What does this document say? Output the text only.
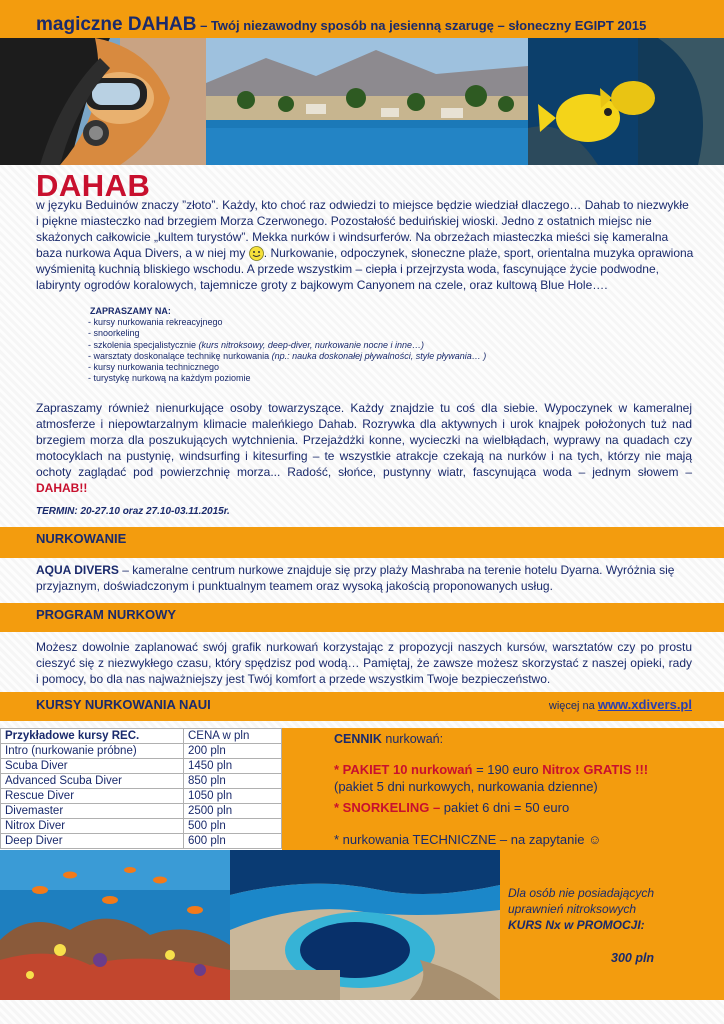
magiczne DAHAB – Twój niezawodny sposób na jesienną szarugę – słoneczny EGIPT 2015
DAHAB
w języku Beduinów znaczy ”złoto”. Każdy, kto choć raz odwiedzi to miejsce będzie wiedział dlaczego… Dahab to niezwykłe i piękne miasteczko nad brzegiem Morza Czerwonego. Pozostałość beduińskiej wioski. Jedno z ostatnich miejsc nie skażonych całkowicie „kultem turystów”. Mekka nurków i windsurferów. Na obrzeżach miasteczka mieści się kameralna baza nurkowa Aqua Divers, a w niej my . Nurkowanie, odpoczynek, słoneczne plaże, sport, orientalna muzyka oprawiona wyśmienitą kuchnią bliskiego wschodu. A przede wszystkim – ciepła i przejrzysta woda, fascynujące życie podwodne, labirynty ogrodów koralowych, tajemnicze groty z bajkowym Canyonem na czele, oraz kultową Blue Hole….
ZAPRASZAMY NA:
- kursy nurkowania rekreacyjnego
- snoorkeling
- szkolenia specjalistycznie (kurs nitroksowy, deep-diver, nurkowanie nocne i inne…)
- warsztaty doskonalące technikę nurkowania (np.: nauka doskonałej pływalności, style pływania… )
- kursy nurkowania technicznego
- turystykę nurkową na każdym poziomie
Zapraszamy również nienurkujące osoby towarzyszące. Każdy znajdzie tu coś dla siebie. Wypoczynek w kameralnej atmosferze i niepowtarzalnym klimacie maleńkiego Dahab. Rozrywka dla aktywnych i urok knajpek położonych tuż nad brzegiem morza dla poszukujących wytchnienia. Przejażdżki konne, wycieczki na wielbłądach, wyprawy na quadach czy motocyklach na pustynię, windsurfing i kitesurfing – te wszystkie atrakcje czekają na nurków i na tych, którzy nie mają ochoty zaglądać pod powierzchnię morza... Radość, słońce, pustynny wiatr, fascynująca woda – jednym słowem – DAHAB!!
TERMIN: 20-27.10 oraz 27.10-03.11.2015r.
NURKOWANIE
AQUA DIVERS – kameralne centrum nurkowe znajduje się przy plaży Mashraba na terenie hotelu Dyarna. Wyróżnia się przyjaznym, doświadczonym i punktualnym teamem oraz wysoką jakością proponowanych usług.
PROGRAM NURKOWY
Możesz dowolnie zaplanować swój grafik nurkowań korzystając z propozycji naszych kursów, warsztatów czy po prostu cieszyć się z niezwykłego czasu, który spędzisz pod wodą… Pamiętaj, że zawsze możesz skorzystać z naszej opieki, rady i pomocy, bo dla nas najważniejszy jest Twój komfort a przede wszystkim Twoje bezpieczeństwo.
KURSY NURKOWANIA NAUI	więcej na www.xdivers.pl
Przykładowe kursy REC.	CENA w pln
Intro (nurkowanie próbne)	200 pln
Scuba Diver	1450 pln
Advanced Scuba Diver	850 pln
Rescue Diver	1050 pln
Divemaster	2500 pln
Nitrox Diver	500 pln
Deep Diver	600 pln
CENNIK nurkowań:
* PAKIET 10 nurkowań = 190 euro Nitrox GRATIS !!!
(pakiet 5 dni nurkowych, nurkowania dzienne)
* SNORKELING – pakiet 6 dni = 50 euro
* nurkowania TECHNICZNE – na zapytanie ☺
Dla osób nie posiadających
uprawnień nitroksowych
KURS Nx w PROMOCJI:
300 pln
